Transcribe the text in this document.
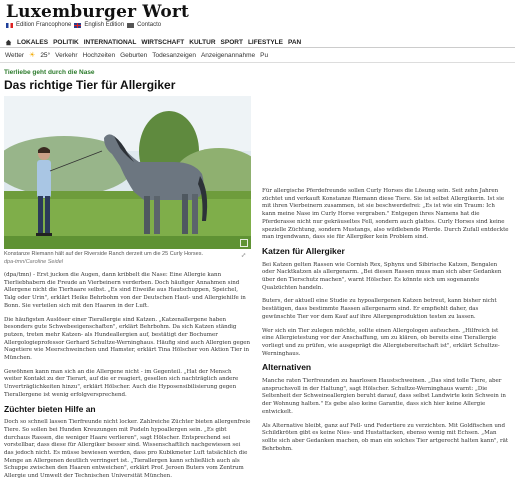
Luxemburger Wort
Edition Francophone English Edition Contacto
LOKALES POLITIK INTERNATIONAL WIRTSCHAFT KULTUR SPORT LIFESTYLE PAN
Wetter ☀ 25° Verkehr Hochzeiten Geburten Todesanzeigen Anzeigenannahme Pu
Tierliebe geht durch die Nase
Das richtige Tier für Allergiker
Konstanze Riemann hält auf der Riverside Ranch derzeit um die 25 Curly Horses.
dpa-tmn/Caroline Seidel
⤢

(dpa/tmn) - Erst jucken die Augen, dann kribbelt die Nase: Eine Allergie kann Tierliebhabern die Freude an Vierbeinern verderben. Doch häufiger Annahmen sind Allergene nicht die Tierhaare selbst. „Es sind Eiweiße aus Hautschuppen, Speichel, Talg oder Urin", erklärt Heike Behrbohm von der Deutschen Haut- und Allergiehilfe in Bonn. Sie verteilen sich mit den Haaren in der Luft.

Die häufigsten Auslöser einer Tierallergie sind Katzen. „Katzenallergene haben besonders gute Schwebeeigenschaften", erklärt Behrbohm. Da sich Katzen ständig putzen, treten mehr Katzen- als Hundeallergien auf, bestätigt der Bochumer Allergologieprofessor Gerhard Schultze-Werninghaus. Häufig sind auch Allergien gegen Nagetiere wie Meerschweinchen und Hamster, erklärt Tina Hölscher von Aktion Tier in München.

Gewöhnen kann man sich an die Allergene nicht - im Gegenteil. „Hat der Mensch weiter Kontakt zu der Tierart, auf die er reagiert, gesellen sich nachträglich andere Unverträglichkeiten hinzu", erklärt Hölscher. Auch die Hyposensibilisierung gegen Tierallergene ist wenig erfolgversprechend.

Züchter bieten Hilfe an

Doch so schnell lassen Tierfreunde nicht locker. Zahlreiche Züchter bieten allergenfreie Tiere. So sollen bei Hunden Kreuzungen mit Pudeln hypoallergen sein. „Es gibt durchaus Rassen, die weniger Haare verlieren", sagt Hölscher. Entsprechend sei vorstellbar, dass diese für Allergiker besser sind. Wissenschaftlich nachgewiesen sei das jedoch nicht. Es müsse bewiesen werden, dass pro Kubikmeter Luft tatsächlich die Menge an Allergenen deutlich verringert ist. „Tierallergen kann schließlich auch als Schuppe zwischen den Haaren entweichen", erklärt Prof. Jeroen Buters vom Zentrum Allergie und Umwelt der Technischen Universität München.

Für allergische Pferdefreunde sollen Curly Horses die Lösung sein. Seit zehn Jahren züchtet und verkauft Konstanze Riemann diese Tiere. Sie ist selbst Allergikerin. Ist sie mit ihren Vierbeinern zusammen, ist sie beschwerdefrei: „Es ist wie ein Traum: Ich kann meine Nase im Curly Horse vergraben." Entgegen ihres Namens hat die Pferderasse nicht nur gekräuseltes Fell, sondern auch glattes. Curly Horses sind keine spezielle Züchtung, sondern Mustangs, also wildlebende Pferde. Durch Zufall entdeckte man irgendwann, dass sie für Allergiker kein Problem sind.

Katzen für Allergiker

Bei Katzen gelten Rassen wie Cornish Rex, Sphynx und Sibirische Katzen, Bengalen oder Nacktkatzen als allergenarm. „Bei diesen Rassen muss man sich aber Gedanken über den Tierschutz machen", warnt Hölscher. Es könnte sich um sogenannte Qualzüchten handeln.

Buters, der aktuell eine Studie zu hypoallergenen Katzen betreut, kann bisher nicht bestätigen, dass bestimmte Rassen allergenarm sind. Er empfiehlt daher, das gewünschte Tier vor dem Kauf auf ihre Allergenproduktion testen zu lassen.

Wer sich ein Tier zulegen möchte, sollte einen Allergologen aufsuchen. „Hilfreich ist eine Allergietestung vor der Anschaffung, um zu klären, ob bereits eine Tierallergie vorliegt und zu prüfen, wie ausgeprägt die Allergiebereitschaft ist", erklärt Schultze-Werninghaus.

Alternativen

Manche raten Tierfreunden zu haarlosen Haustschweinen. „Das sind tolle Tiere, aber anspruchsvoll in der Haltung", sagt Hölscher. Schultze-Werninghaus warnt: „Die Seltenheit der Schweineallergien beruht darauf, dass selbst Landwirte kein Schwein in der Wohnung halten." Es gebe also keine Garantie, dass sich hier keine Allergie entwickelt.

Als Alternative bleibt, ganz auf Fell- und Federtiere zu verzichten. Mit Goldfischen und Schildkröten gibt es keine Nies- und Hustattacken, ebenso wenig mit Echsen. „Man sollte sich aber Gedanken machen, ob man ein solches Tier artgerecht halten kann", rät Behrbohm.
